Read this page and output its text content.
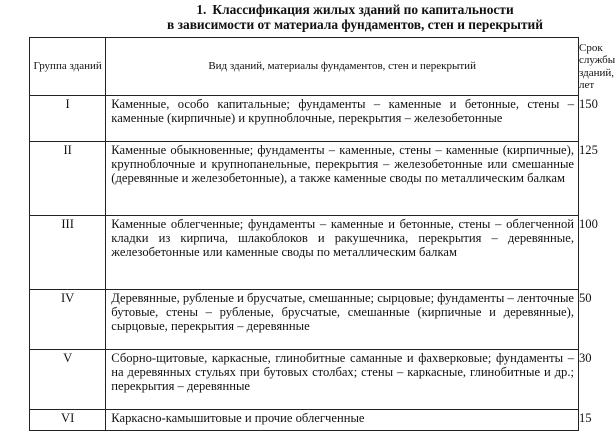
1. Классификация жилых зданий по капитальности
в зависимости от материала фундаментов, стен и перекрытий
Группа зданий	Вид зданий, материалы фундаментов, стен и перекрытий	Срок службы зданий, лет
I	Каменные, особо капитальные; фундаменты – каменные и бетонные, стены – каменные (кирпичные) и крупноблочные, перекрытия – железобетонные	150
II	Каменные обыкновенные; фундаменты – каменные, стены – каменные (кирпичные), крупноблочные и крупнопанельные, перекрытия – железобетонные или смешанные (деревянные и железобетонные), а также каменные своды по металлическим балкам	125
III	Каменные облегченные; фундаменты – каменные и бетонные, стены – облегченной кладки из кирпича, шлакоблоков и ракушечника, перекрытия – деревянные, железобетонные или каменные своды по металлическим балкам	100
IV	Деревянные, рубленые и брусчатые, смешанные; сырцовые; фундаменты – ленточные бутовые, стены – рубленые, брусчатые, смешанные (кирпичные и деревянные), сырцовые, перекрытия – деревянные	50
V	Сборно-щитовые, каркасные, глинобитные саманные и фахверковые; фундаменты – на деревянных стульях при бутовых столбах; стены – каркасные, глинобитные и др.; перекрытия – деревянные	30
VI	Каркасно-камышитовые и прочие облегченные	15
